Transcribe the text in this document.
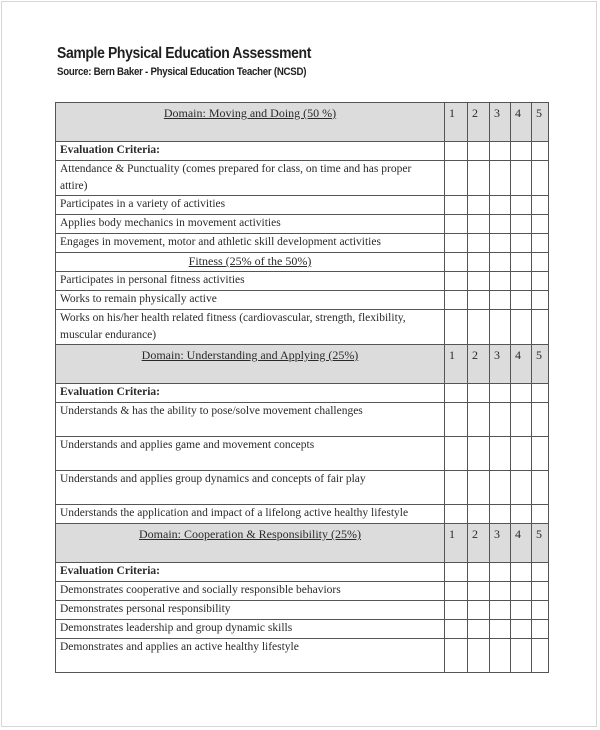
Sample Physical Education Assessment
Source: Bern Baker - Physical Education Teacher (NCSD)
Domain: Moving and Doing (50 %)	1	2	3	4	5
Evaluation Criteria:					
Attendance & Punctuality (comes prepared for class, on time and has proper attire)					
Participates in a variety of activities					
Applies body mechanics in movement activities					
Engages in movement, motor and athletic skill development activities					
Fitness (25% of the 50%)					
Participates in personal fitness activities					
Works to remain physically active					
Works on his/her health related fitness (cardiovascular, strength, flexibility, muscular endurance)					
Domain: Understanding and Applying (25%)	1	2	3	4	5
Evaluation Criteria:					
Understands & has the ability to pose/solve movement challenges					
Understands and applies game and movement concepts					
Understands and applies group dynamics and concepts of fair play					
Understands the application and impact of a lifelong active healthy lifestyle					
Domain: Cooperation & Responsibility (25%)	1	2	3	4	5
Evaluation Criteria:					
Demonstrates cooperative and socially responsible behaviors					
Demonstrates personal responsibility					
Demonstrates leadership and group dynamic skills					
Demonstrates and applies an active healthy lifestyle					
